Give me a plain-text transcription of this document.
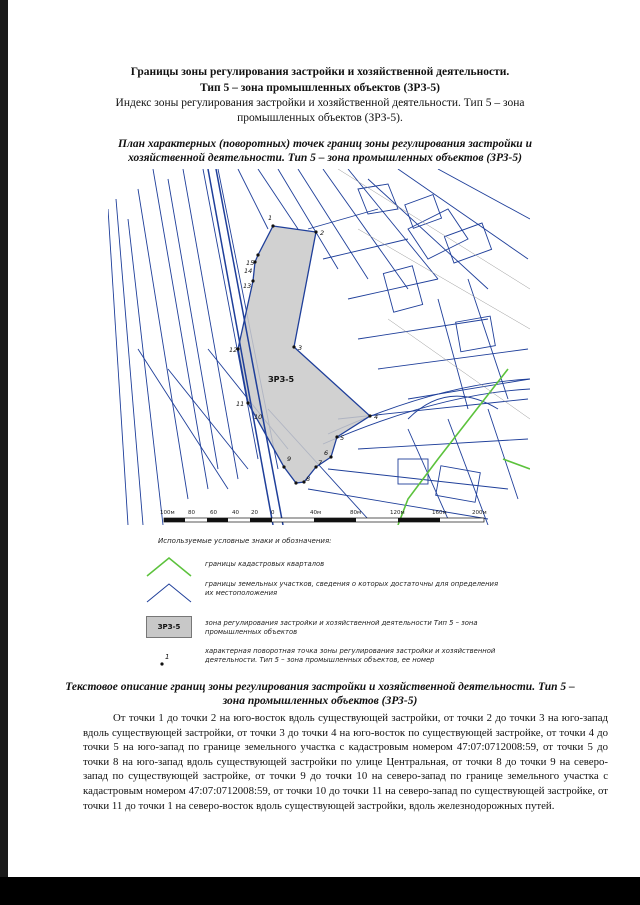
Границы зоны регулирования застройки и хозяйственной деятельности.
Тип 5 – зона промышленных объектов (ЗРЗ-5)
Индекс зоны регулирования застройки и хозяйственной деятельности. Тип 5 – зона промышленных объектов (ЗРЗ-5).
План характерных (поворотных) точек границ зоны регулирования застройки и хозяйственной деятельности. Тип 5 – зона промышленных объектов (ЗРЗ-5)
ЗРЗ-5
1
2
3
4
5
6
7
8
9
10
11
12
13
14
15
100м 80	60	40 20 0	40м	80м	120м	160м	200м
Используемые условные знаки и обозначения:
границы кадастровых кварталов
границы земельных участков, сведения о которых достаточны для определения их местоположения
ЗРЗ-5	зона регулирования застройки и хозяйственной деятельности Тип 5 – зона промышленных объектов
1
характерная поворотная точка зоны регулирования застройки и хозяйственной деятельности. Тип 5 – зона промышленных объектов, ее номер
Текстовое описание границ зоны регулирования застройки и хозяйственной деятельности. Тип 5 – зона промышленных объектов (ЗРЗ-5)
От точки 1 до точки 2 на юго-восток вдоль существующей застройки, от точки 2 до точки 3 на юго-запад вдоль существующей застройки, от точки 3 до точки 4 на юго-восток по существующей застройке, от точки 4 до точки 5 на юго-запад по границе земельного участка с кадастровым номером 47:07:0712008:59, от точки 5 до точки 8 на юго-запад вдоль существующей застройки по улице Центральная, от точки 8 до точки 9 на северо-запад по существующей застройке, от точки 9 до точки 10 на северо-запад по границе земельного участка с кадастровым номером 47:07:0712008:59, от точки 10 до точки 11 на северо-запад по существующей застройке, от точки 11 до точки 1 на северо-восток вдоль существующей застройки, вдоль железнодорожных путей.
